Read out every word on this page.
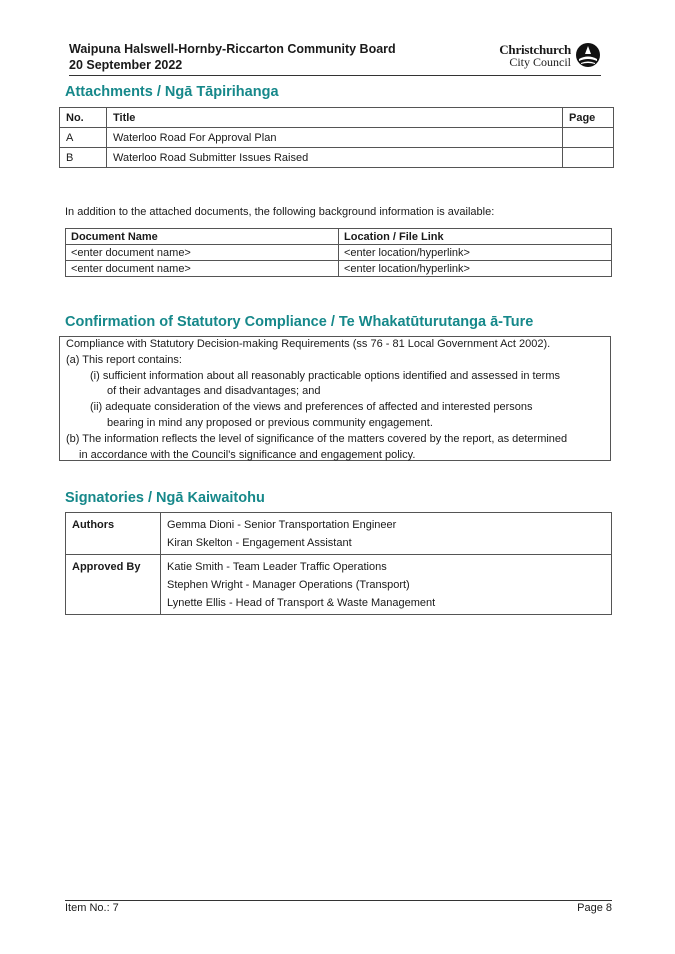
Waipuna Halswell-Hornby-Riccarton Community Board
20 September 2022
Christchurch
City Council
Attachments / Ngā Tāpirihanga
No.	Title	Page
A	Waterloo Road For Approval Plan	
B	Waterloo Road Submitter Issues Raised	
In addition to the attached documents, the following background information is available:
Document Name	Location / File Link
<enter document name>	<enter location/hyperlink>
<enter document name>	<enter location/hyperlink>
Confirmation of Statutory Compliance / Te Whakatūturutanga ā-Ture
Compliance with Statutory Decision-making Requirements (ss 76 - 81 Local Government Act 2002).
(a) This report contains:
(i) sufficient information about all reasonably practicable options identified and assessed in terms
of their advantages and disadvantages; and
(ii) adequate consideration of the views and preferences of affected and interested persons
bearing in mind any proposed or previous community engagement.
(b) The information reflects the level of significance of the matters covered by the report, as determined
in accordance with the Council's significance and engagement policy.
Signatories / Ngā Kaiwaitohu
Authors	Gemma Dioni - Senior Transportation Engineer
Kiran Skelton - Engagement Assistant

Approved By	Katie Smith - Team Leader Traffic Operations
Stephen Wright - Manager Operations (Transport)
Lynette Ellis - Head of Transport & Waste Management
Item No.: 7	Page 8
